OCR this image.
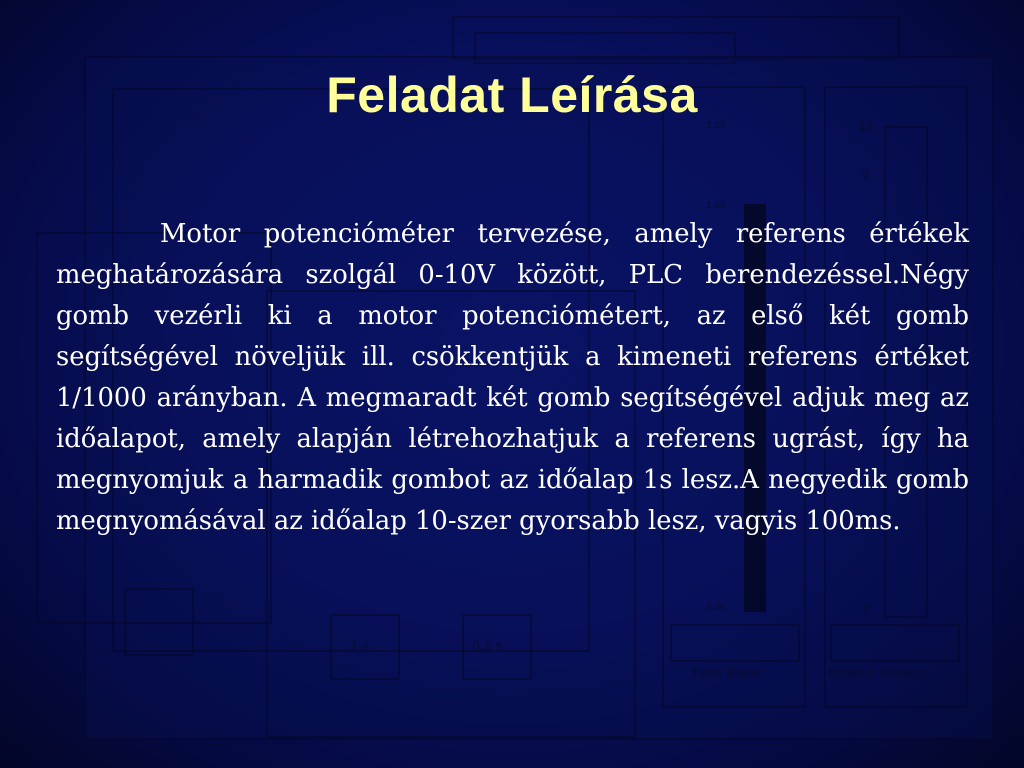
1 s	0,1 s
Time Base	OutPut Voltage
10
5
0
1.20
1.00
0.00
Feladat Leírása

Motor potencióméter tervezése, amely referens értékek meghatározására szolgál 0-10V között, PLC berendezéssel.Négy gomb vezérli ki a motor potenciómétert, az első két gomb segítségével növeljük ill. csökkentjük a kimeneti referens értéket 1/1000 arányban. A megmaradt két gomb segítségével adjuk meg az időalapot, amely alapján létrehozhatjuk a referens ugrást, így ha megnyomjuk a harmadik gombot az időalap 1s lesz.A negyedik gomb megnyomásával az időalap 10-szer gyorsabb lesz, vagyis 100ms.
